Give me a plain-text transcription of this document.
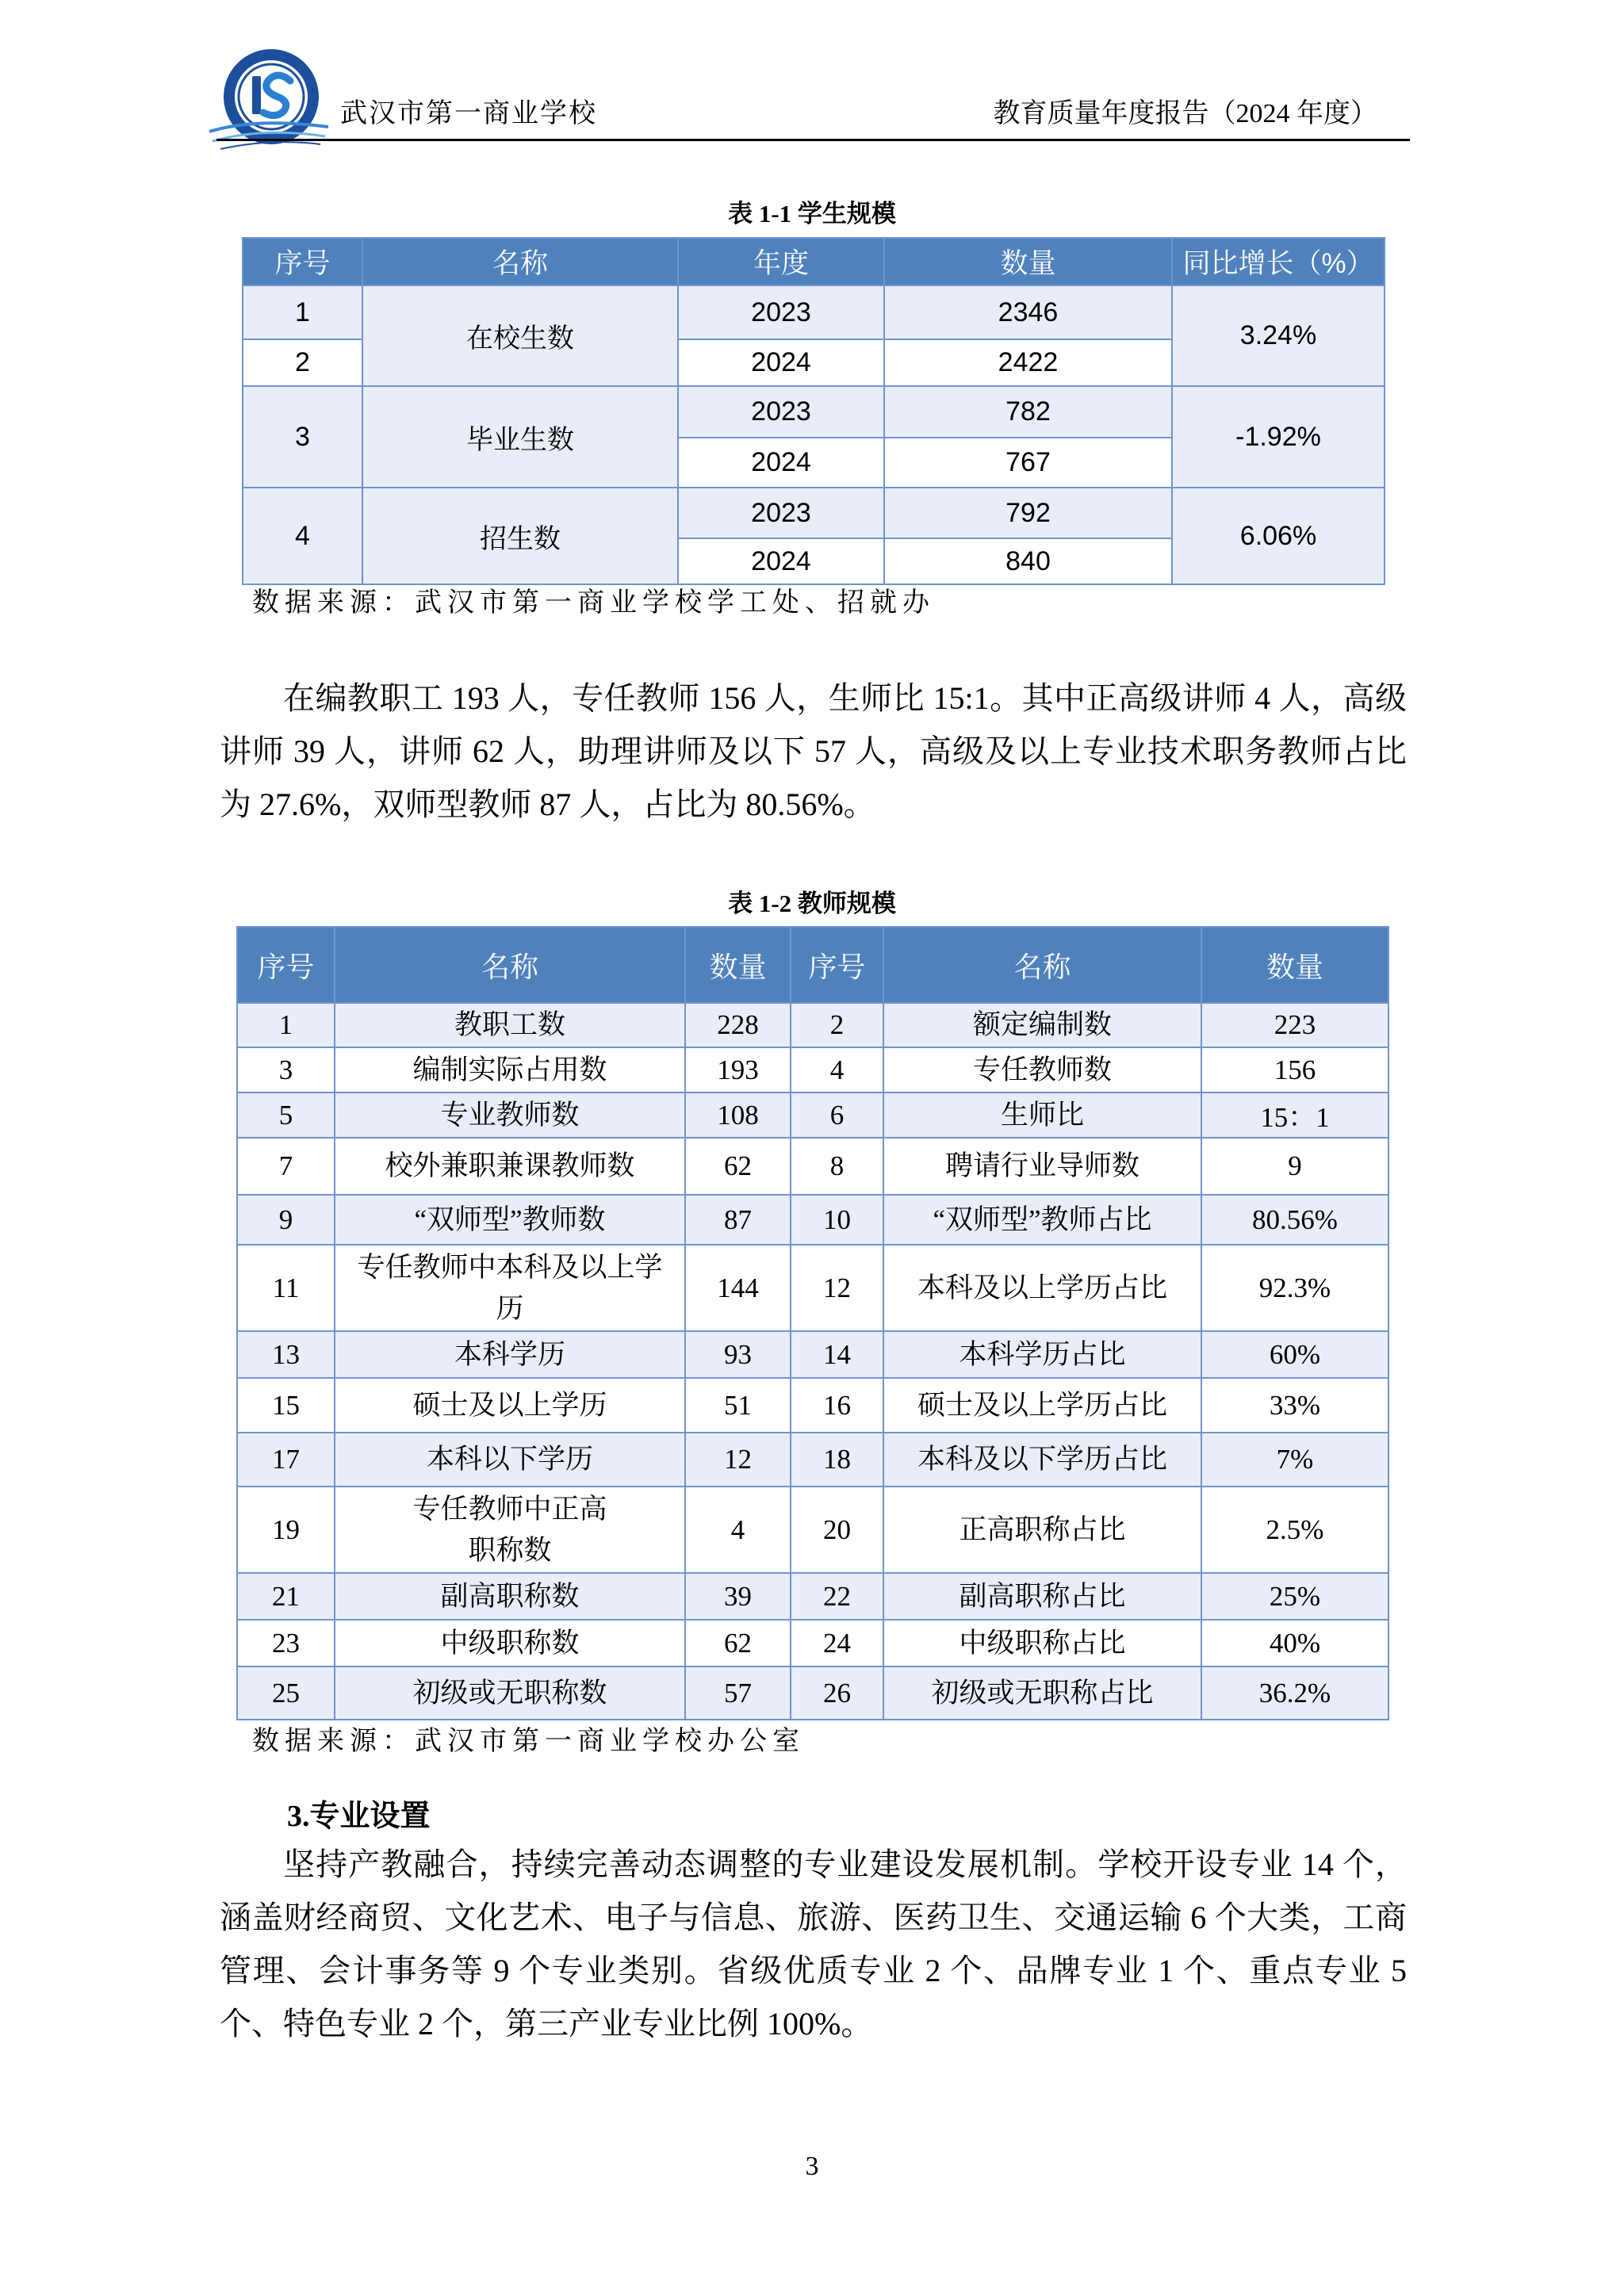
武汉市第一商业学校	教育质量年度报告（2024 年度）
表 1-1 学生规模
序号	名称	年度	数量	同比增长（%）
1	在校生数	2023	2346	3.24%
2		2024	2422	
3	毕业生数	2023	782	-1.92%
		2024	767	
4	招生数	2023	792	6.06%
		2024	840	
数据来源：武汉市第一商业学校学工处、招就办
在编教职工 193 人，专任教师 156 人，生师比 15:1。其中正高级讲师 4 人，高级讲师 39 人，讲师 62 人，助理讲师及以下 57 人，高级及以上专业技术职务教师占比为 27.6%，双师型教师 87 人，占比为 80.56%。
表 1-2 教师规模
序号	名称	数量	序号	名称	数量
1	教职工数	228	2	额定编制数	223
3	编制实际占用数	193	4	专任教师数	156
5	专业教师数	108	6	生师比	15：1
7	校外兼职兼课教师数	62	8	聘请行业导师数	9
9	“双师型”教师数	87	10	“双师型”教师占比	80.56%
11	专任教师中本科及以上学历	144	12	本科及以上学历占比	92.3%
13	本科学历	93	14	本科学历占比	60%
15	硕士及以上学历	51	16	硕士及以上学历占比	33%
17	本科以下学历	12	18	本科及以下学历占比	7%
19	专任教师中正高职称数	4	20	正高职称占比	2.5%
21	副高职称数	39	22	副高职称占比	25%
23	中级职称数	62	24	中级职称占比	40%
25	初级或无职称数	57	26	初级或无职称占比	36.2%
数据来源：武汉市第一商业学校办公室
3.专业设置
坚持产教融合，持续完善动态调整的专业建设发展机制。学校开设专业 14 个，涵盖财经商贸、文化艺术、电子与信息、旅游、医药卫生、交通运输 6 个大类，工商管理、会计事务等 9 个专业类别。省级优质专业 2 个、品牌专业 1 个、重点专业 5 个、特色专业 2 个，第三产业专业比例 100%。
3
